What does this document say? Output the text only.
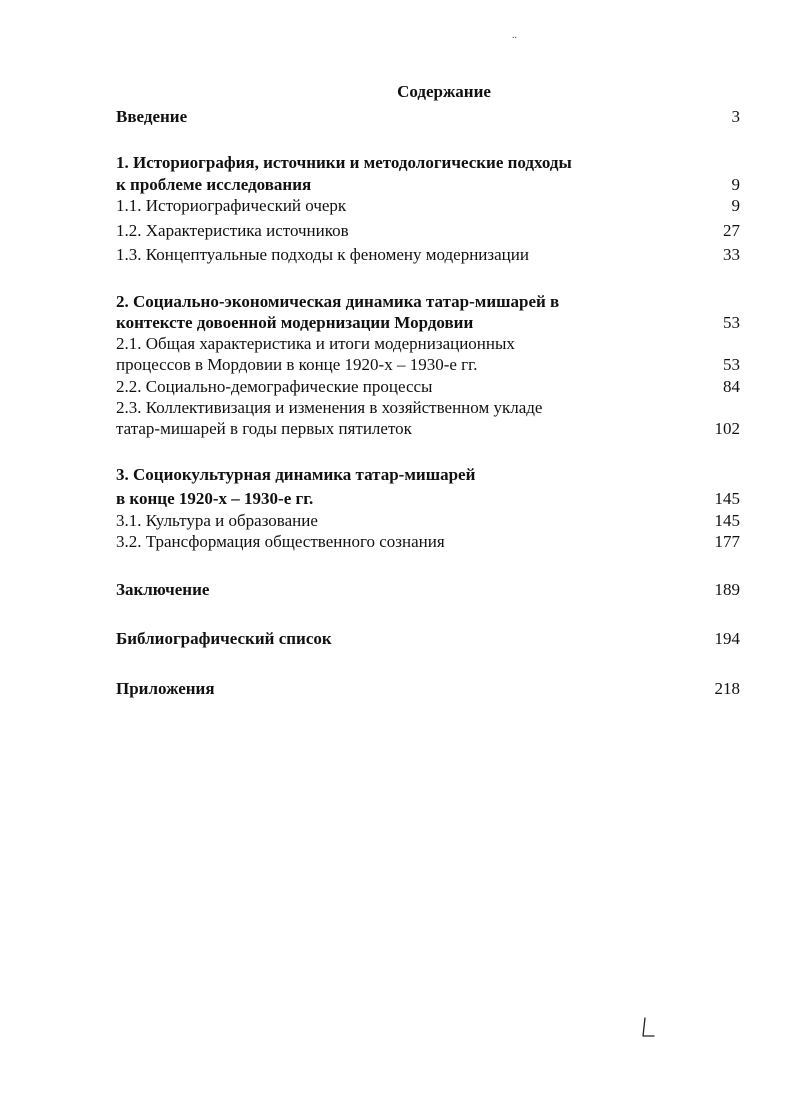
..
Содержание
Введение	3
1. Историография, источники и методологические подходы
к проблеме исследования	9
1.1. Историографический очерк	9
1.2. Характеристика источников	27
1.3. Концептуальные подходы к феномену модернизации	33
2. Социально-экономическая динамика татар-мишарей в
контексте довоенной модернизации Мордовии	53
2.1. Общая характеристика и итоги модернизационных
процессов в Мордовии в конце 1920-х – 1930-е гг.	53
2.2. Социально-демографические процессы	84
2.3. Коллективизация и изменения в хозяйственном укладе
татар-мишарей в годы первых пятилеток	102
3. Социокультурная динамика татар-мишарей
в конце 1920-х – 1930-е гг.	145
3.1. Культура и образование	145
3.2. Трансформация общественного сознания	177
Заключение	189
Библиографический список	194
Приложения	218
